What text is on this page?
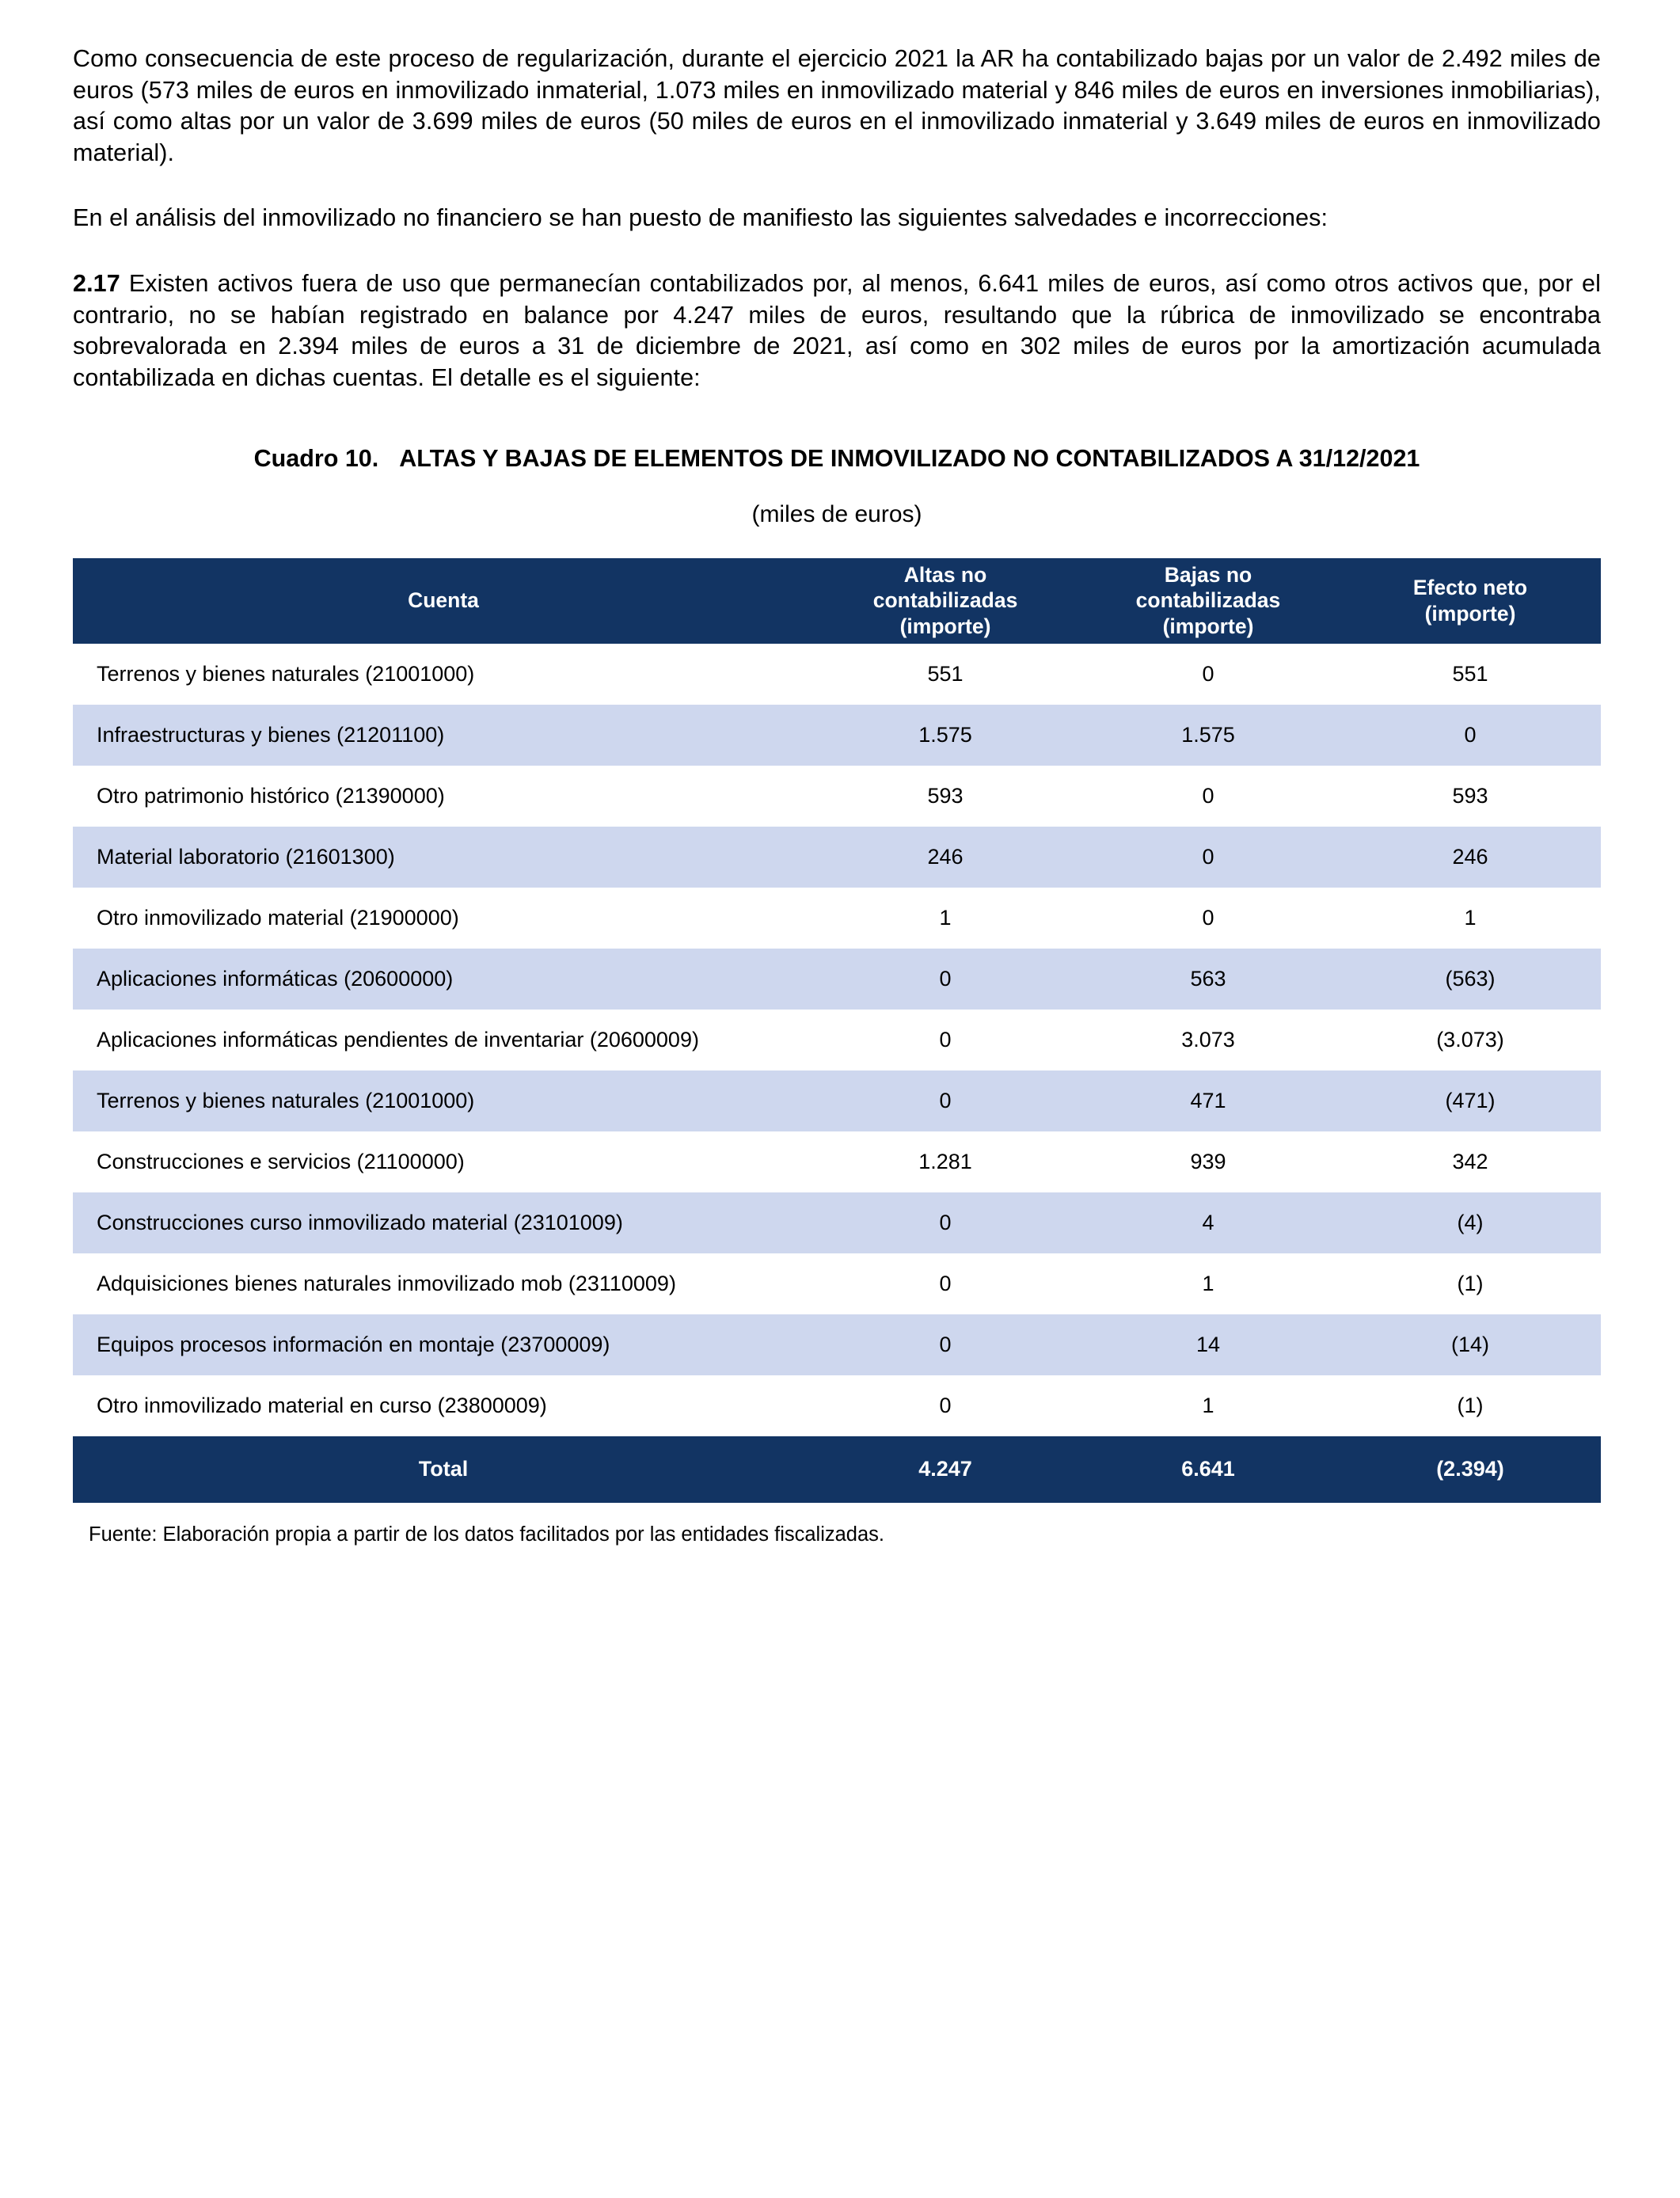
Como consecuencia de este proceso de regularización, durante el ejercicio 2021 la AR ha contabilizado bajas por un valor de 2.492 miles de euros (573 miles de euros en inmovilizado inmaterial, 1.073 miles en inmovilizado material y 846 miles de euros en inversiones inmobiliarias), así como altas por un valor de 3.699 miles de euros (50 miles de euros en el inmovilizado inmaterial y 3.649 miles de euros en inmovilizado material).

En el análisis del inmovilizado no financiero se han puesto de manifiesto las siguientes salvedades e incorrecciones:

2.17 Existen activos fuera de uso que permanecían contabilizados por, al menos, 6.641 miles de euros, así como otros activos que, por el contrario, no se habían registrado en balance por 4.247 miles de euros, resultando que la rúbrica de inmovilizado se encontraba sobrevalorada en 2.394 miles de euros a 31 de diciembre de 2021, así como en 302 miles de euros por la amortización acumulada contabilizada en dichas cuentas. El detalle es el siguiente:

Cuadro 10. ALTAS Y BAJAS DE ELEMENTOS DE INMOVILIZADO NO CONTABILIZADOS A 31/12/2021
(miles de euros)
Cuenta	
Altas no
contabilizadas
(importe)

Bajas no
contabilizadas
(importe)

Efecto neto
(importe)

Terrenos y bienes naturales (21001000)	551	0	551
Infraestructuras y bienes (21201100)	1.575	1.575	0
Otro patrimonio histórico (21390000)	593	0	593
Material laboratorio (21601300)	246	0	246
Otro inmovilizado material (21900000)	1	0	1
Aplicaciones informáticas (20600000)	0	563	(563)
Aplicaciones informáticas pendientes de inventariar (20600009)	0	3.073	(3.073)
Terrenos y bienes naturales (21001000)	0	471	(471)
Construcciones e servicios (21100000)	1.281	939	342
Construcciones curso inmovilizado material (23101009)	0	4	(4)
Adquisiciones bienes naturales inmovilizado mob (23110009)	0	1	(1)
Equipos procesos información en montaje (23700009)	0	14	(14)
Otro inmovilizado material en curso (23800009)	0	1	(1)
Total	4.247	6.641	(2.394)
Fuente: Elaboración propia a partir de los datos facilitados por las entidades fiscalizadas.
